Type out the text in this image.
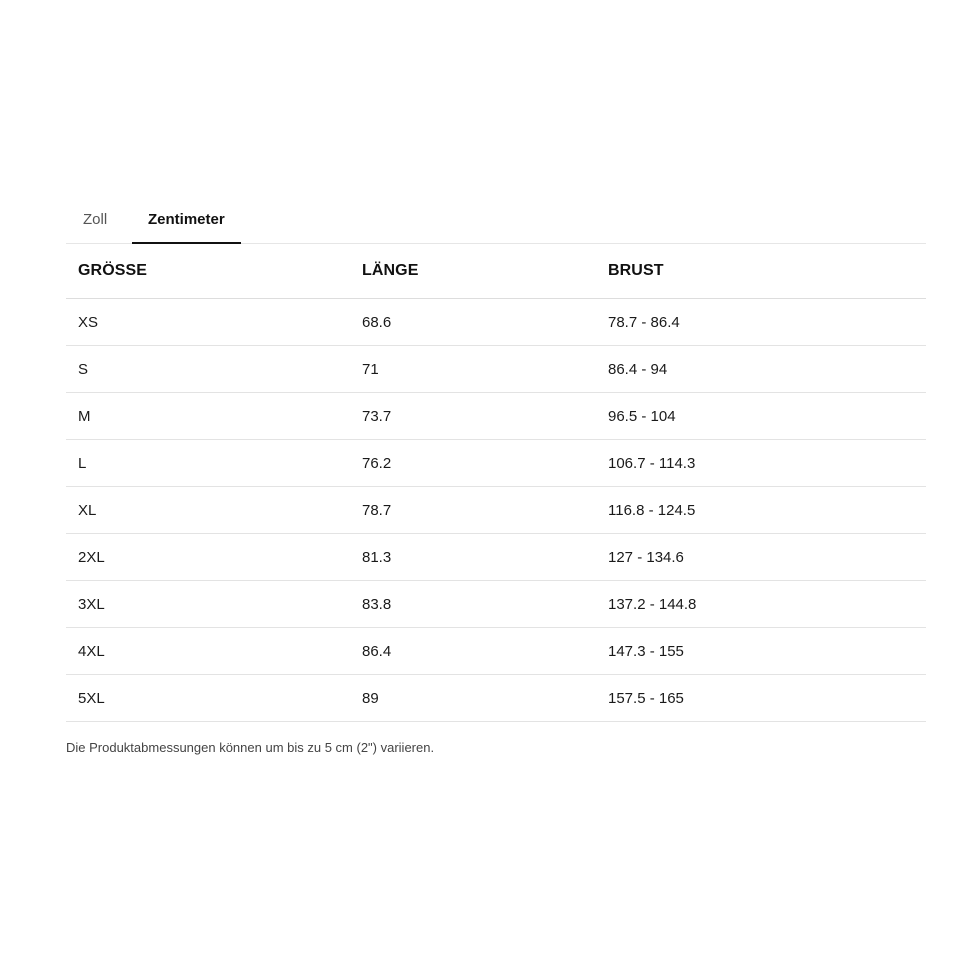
Zoll	Zentimeter
GRÖSSE	LÄNGE	BRUST
XS	68.6	78.7 - 86.4
S	71	86.4 - 94
M	73.7	96.5 - 104
L	76.2	106.7 - 114.3
XL	78.7	116.8 - 124.5
2XL	81.3	127 - 134.6
3XL	83.8	137.2 - 144.8
4XL	86.4	147.3 - 155
5XL	89	157.5 - 165
Die Produktabmessungen können um bis zu 5 cm (2") variieren.
